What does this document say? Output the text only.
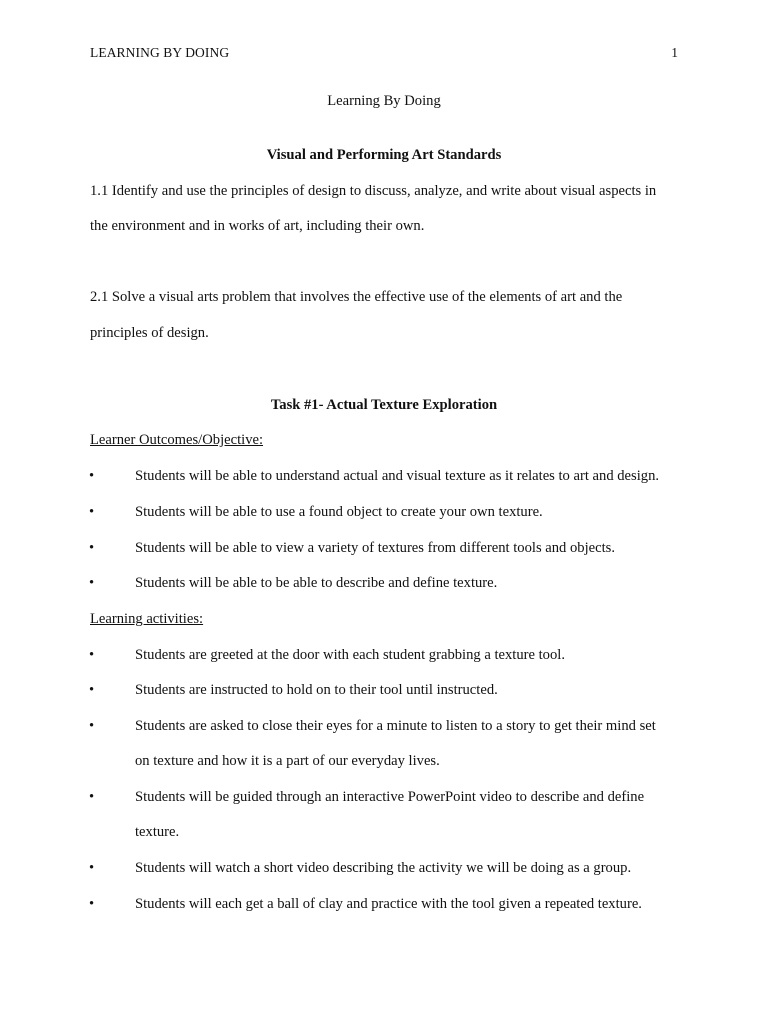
LEARNING BY DOING	1
Learning By Doing
Visual and Performing Art Standards
1.1 Identify and use the principles of design to discuss, analyze, and write about visual aspects in
the environment and in works of art, including their own.
2.1 Solve a visual arts problem that involves the effective use of the elements of art and the
principles of design.
Task #1- Actual Texture Exploration
Learner Outcomes/Objective:
•	Students will be able to understand actual and visual texture as it relates to art and design.
•	Students will be able to use a found object to create your own texture.
•	Students will be able to view a variety of textures from different tools and objects.
•	Students will be able to be able to describe and define texture.
Learning activities:
•	Students are greeted at the door with each student grabbing a texture tool.
•	Students are instructed to hold on to their tool until instructed.
•	Students are asked to close their eyes for a minute to listen to a story to get their mind set
on texture and how it is a part of our everyday lives.
•	Students will be guided through an interactive PowerPoint video to describe and define
texture.
•	Students will watch a short video describing the activity we will be doing as a group.
•	Students will each get a ball of clay and practice with the tool given a repeated texture.
